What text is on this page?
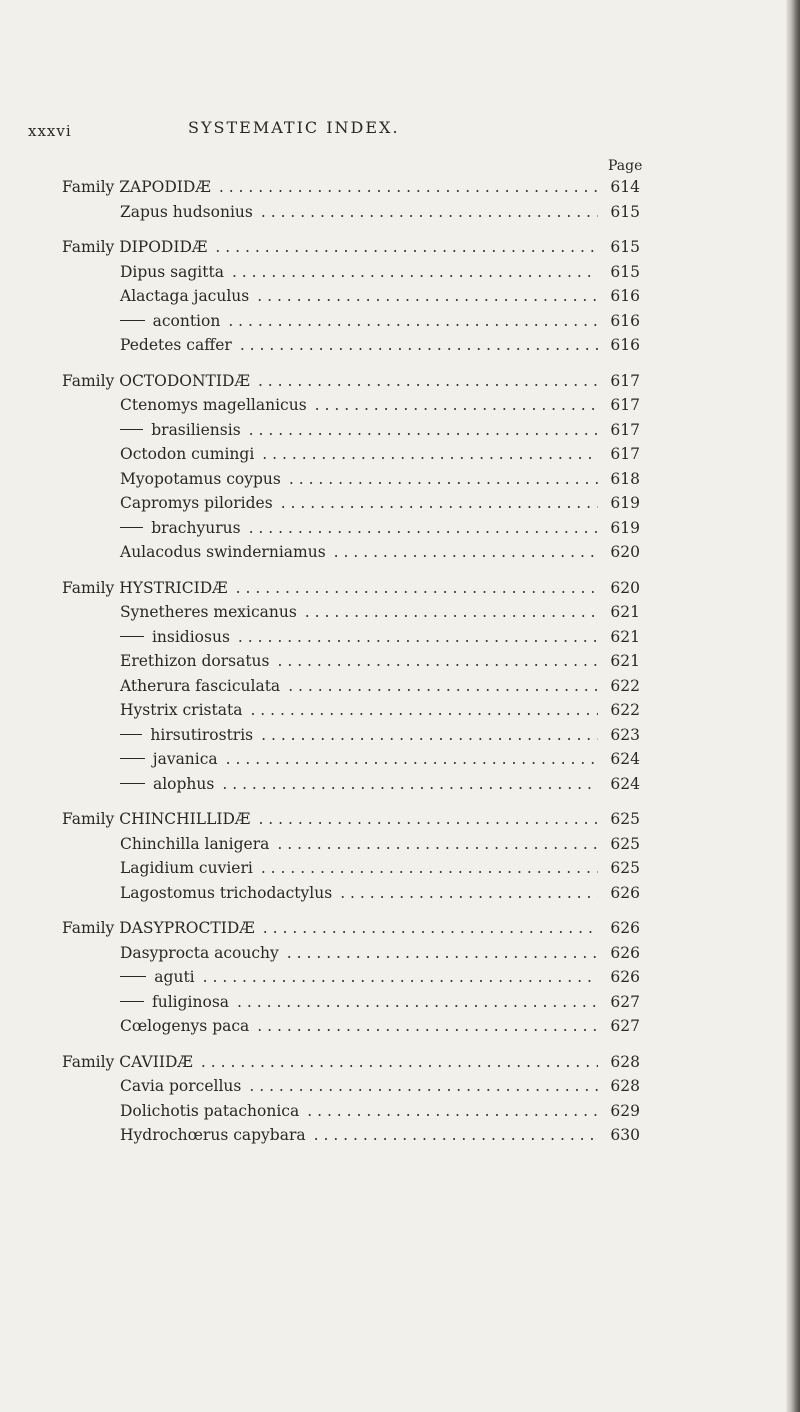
xxxvi	SYSTEMATIC INDEX.
Page
Family ZAPODIDÆ . . .	614
Zapus hudsonius . . .	615
Family DIPODIDÆ . . .	615
Dipus sagitta . . .	615
Alactaga jaculus . . .	616
acontion . . .	616
Pedetes caffer . . .	616
Family OCTODONTIDÆ . . .	617
Ctenomys magellanicus . . .	617
brasiliensis . . .	617
Octodon cumingi . . .	617
Myopotamus coypus . . .	618
Capromys pilorides . . .	619
brachyurus . . .	619
Aulacodus swinderniamus . . .	620
Family HYSTRICIDÆ . . .	620
Synetheres mexicanus . . .	621
insidiosus . . .	621
Erethizon dorsatus . . .	621
Atherura fasciculata . . .	622
Hystrix cristata . . .	622
hirsutirostris . . .	623
javanica . . .	624
alophus . . .	624
Family CHINCHILLIDÆ . . .	625
Chinchilla lanigera . . .	625
Lagidium cuvieri . . .	625
Lagostomus trichodactylus . . .	626
Family DASYPROCTIDÆ . . .	626
Dasyprocta acouchy . . .	626
aguti . . .	626
fuliginosa . . .	627
Cœlogenys paca . . .	627
Family CAVIIDÆ . . .	628
Cavia porcellus . . .	628
Dolichotis patachonica . . .	629
Hydrochœrus capybara . . .	630
